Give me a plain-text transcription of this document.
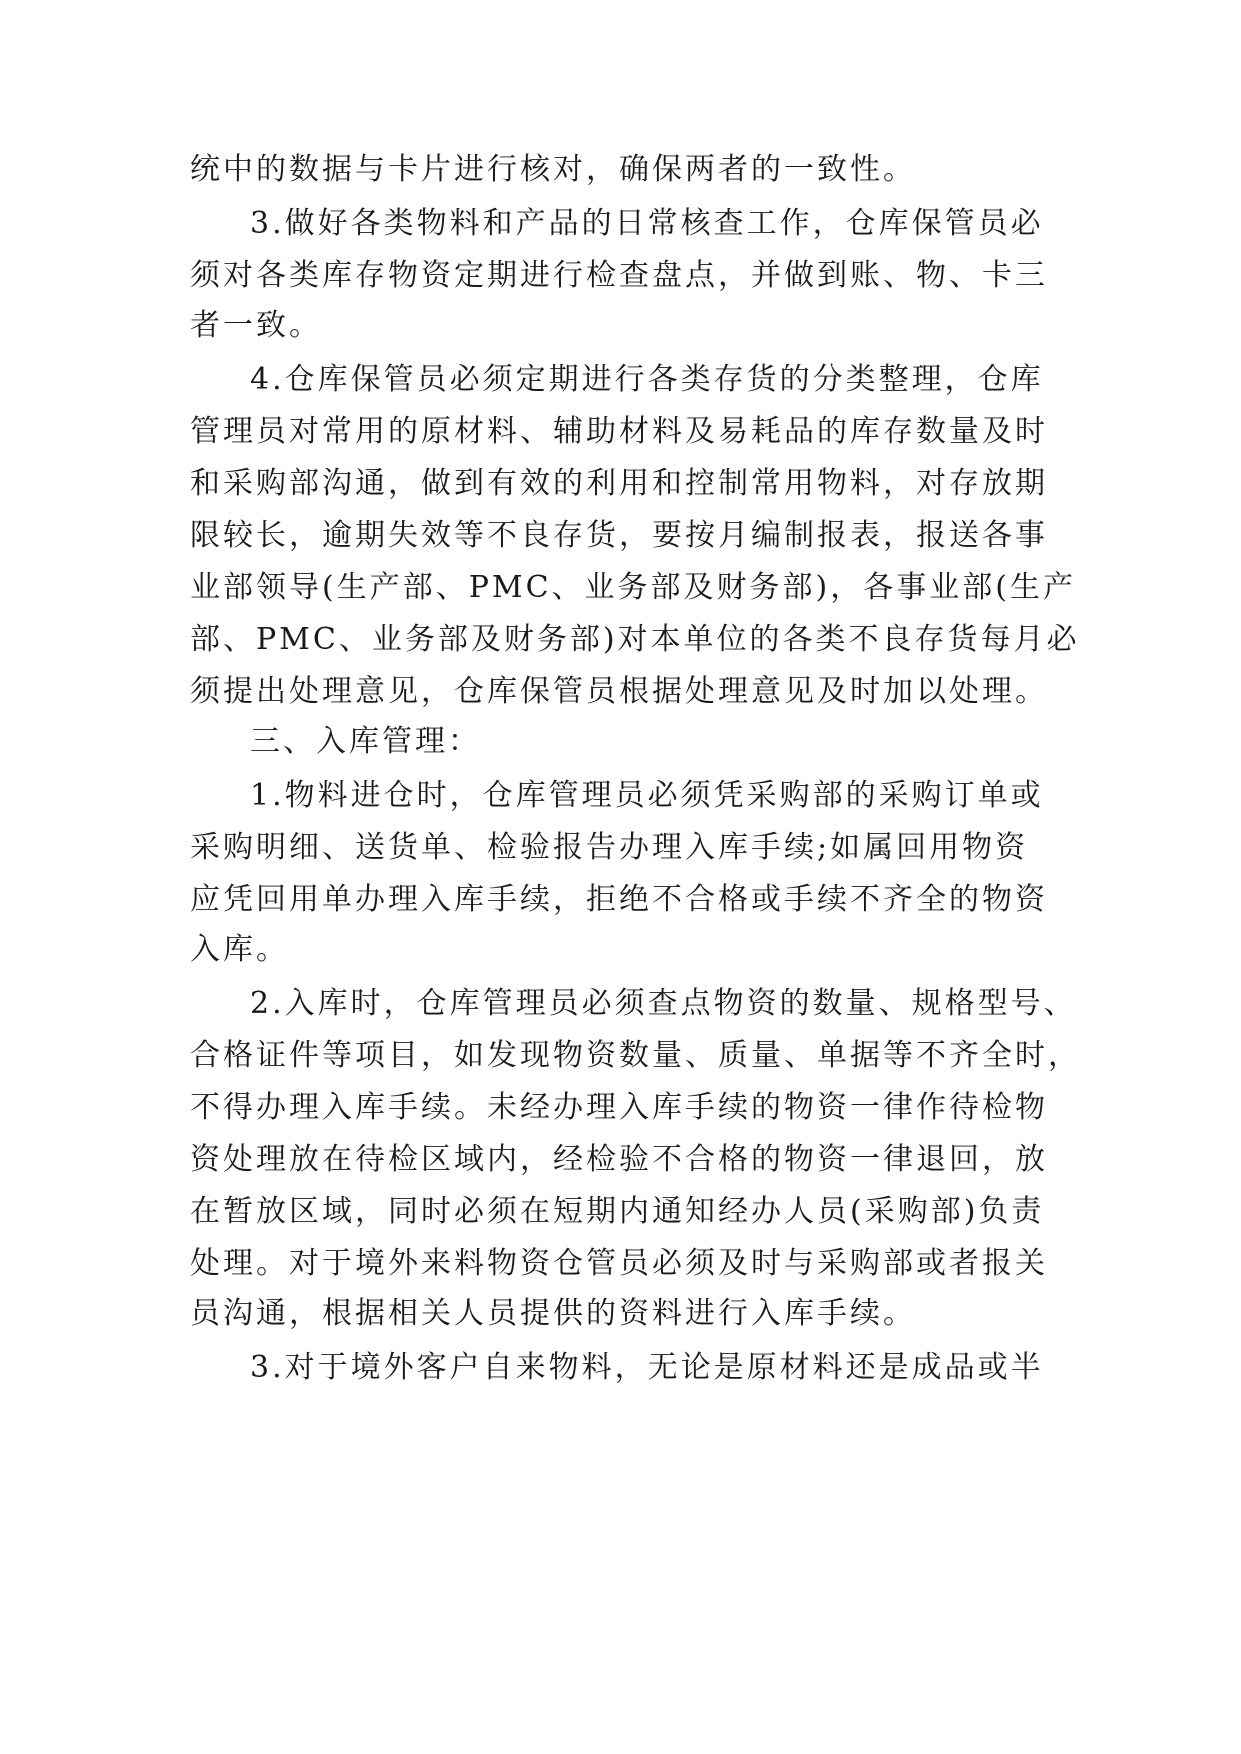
统中的数据与卡片进行核对，确保两者的一致性。
3.做好各类物料和产品的日常核查工作，仓库保管员必
须对各类库存物资定期进行检查盘点，并做到账、物、卡三
者一致。
4.仓库保管员必须定期进行各类存货的分类整理，仓库
管理员对常用的原材料、辅助材料及易耗品的库存数量及时
和采购部沟通，做到有效的利用和控制常用物料，对存放期
限较长，逾期失效等不良存货，要按月编制报表，报送各事
业部领导(生产部、PMC、业务部及财务部)，各事业部(生产
部、PMC、业务部及财务部)对本单位的各类不良存货每月必
须提出处理意见，仓库保管员根据处理意见及时加以处理。
三、入库管理：
1.物料进仓时，仓库管理员必须凭采购部的采购订单或
采购明细、送货单、检验报告办理入库手续;如属回用物资
应凭回用单办理入库手续，拒绝不合格或手续不齐全的物资
入库。
2.入库时，仓库管理员必须查点物资的数量、规格型号、
合格证件等项目，如发现物资数量、质量、单据等不齐全时，
不得办理入库手续。未经办理入库手续的物资一律作待检物
资处理放在待检区域内，经检验不合格的物资一律退回，放
在暂放区域，同时必须在短期内通知经办人员(采购部)负责
处理。对于境外来料物资仓管员必须及时与采购部或者报关
员沟通，根据相关人员提供的资料进行入库手续。
3.对于境外客户自来物料，无论是原材料还是成品或半
